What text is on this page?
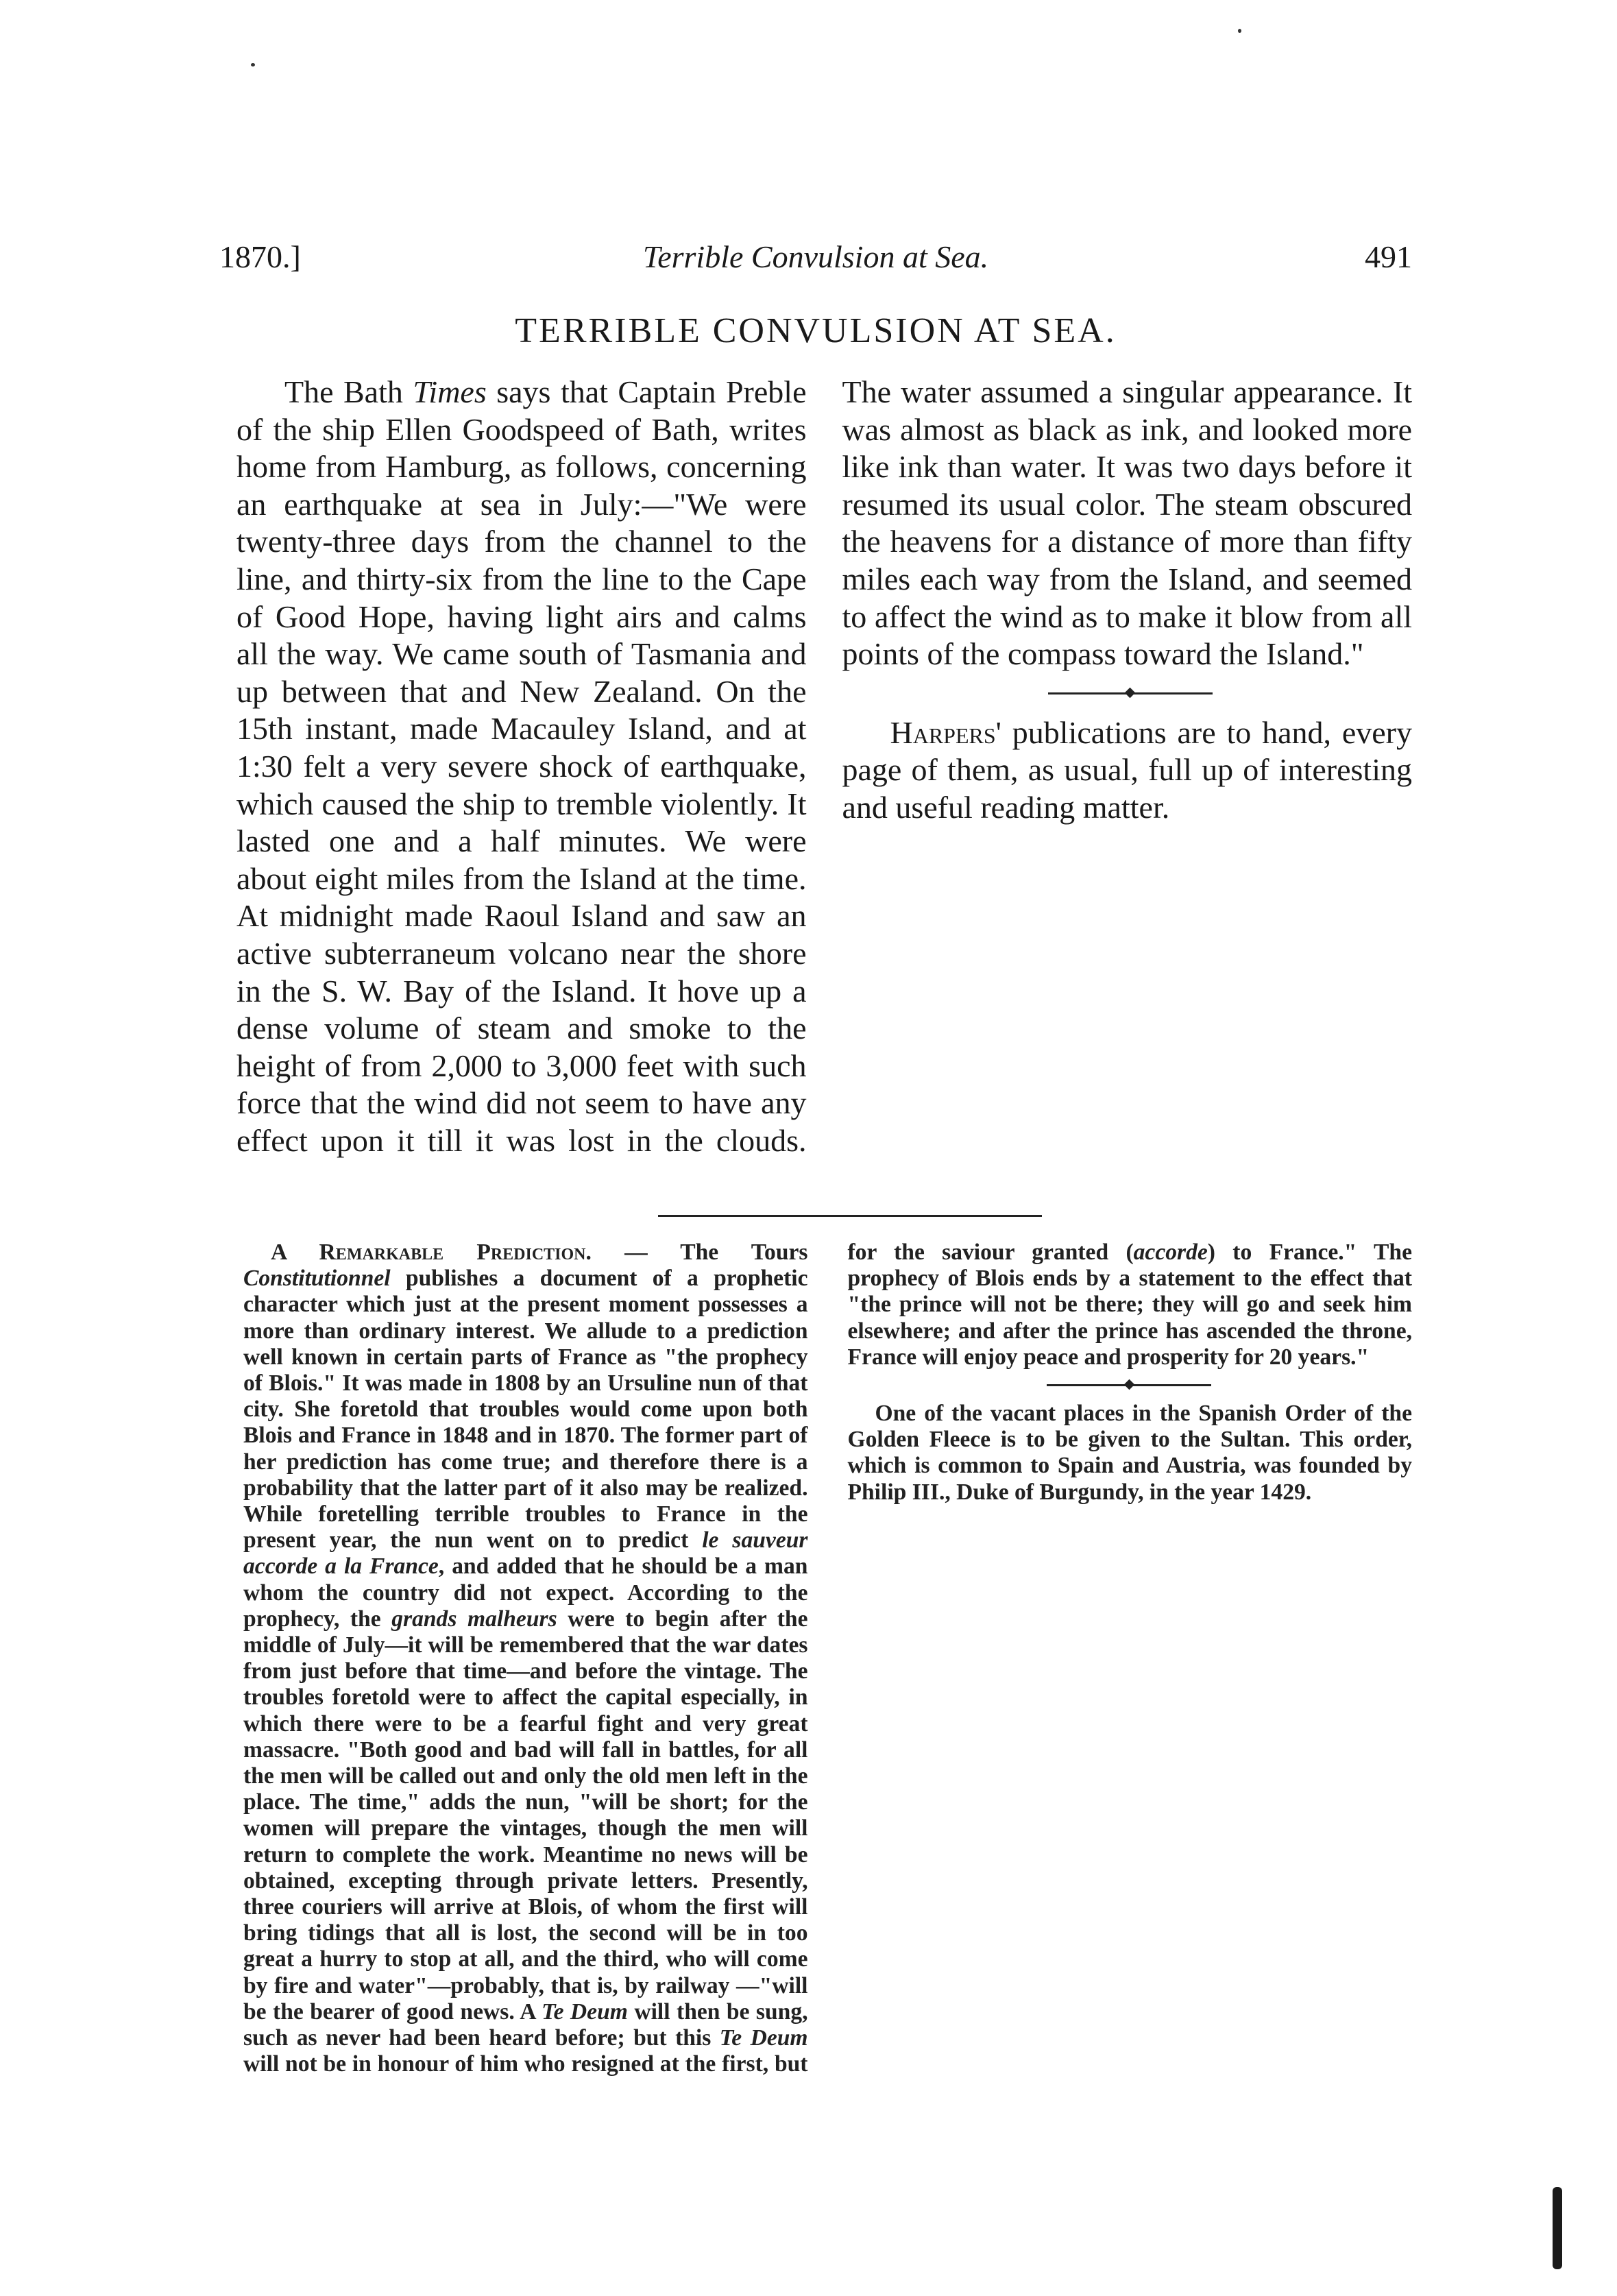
1870.]	Terrible Convulsion at Sea.	491
TERRIBLE CONVULSION AT SEA.

The Bath Times says that Captain Preble of the ship Ellen Goodspeed of Bath, writes home from Hamburg, as follows, concerning an earthquake at sea in July:—"We were twenty-three days from the channel to the line, and thirty-six from the line to the Cape of Good Hope, having light airs and calms all the way. We came south of Tasmania and up between that and New Zealand. On the 15th instant, made Macauley Island, and at 1:30 felt a very severe shock of earthquake, which caused the ship to tremble violently. It lasted one and a half minutes. We were about eight miles from the Island at the time. At midnight made Raoul Island and saw an active subterraneum volcano near the shore in the S. W. Bay of the Island. It hove up a dense volume of steam and smoke to the height of from 2,000 to 3,000 feet with such force that the wind did not seem to have any effect upon it till it was lost in the clouds. The water assumed a singular appearance. It was almost as black as ink, and looked more like ink than water. It was two days before it resumed its usual color. The steam obscured the heavens for a distance of more than fifty miles each way from the Island, and seemed to affect the wind as to make it blow from all points of the compass toward the Island."

Harpers' publications are to hand, every page of them, as usual, full up of interesting and useful reading matter.

A Remarkable Prediction. — The Tours Constitutionnel publishes a document of a prophetic character which just at the present moment possesses a more than ordinary interest. We allude to a prediction well known in certain parts of France as "the prophecy of Blois." It was made in 1808 by an Ursuline nun of that city. She foretold that troubles would come upon both Blois and France in 1848 and in 1870. The former part of her prediction has come true; and therefore there is a probability that the latter part of it also may be realized. While foretelling terrible troubles to France in the present year, the nun went on to predict le sauveur accorde a la France, and added that he should be a man whom the country did not expect. According to the prophecy, the grands malheurs were to begin after the middle of July—it will be remembered that the war dates from just before that time—and before the vintage. The troubles foretold were to affect the capital especially, in which there were to be a fearful fight and very great massacre. "Both good and bad will fall in battles, for all the men will be called out and only the old men left in the place. The time," adds the nun, "will be short; for the women will prepare the vintages, though the men will return to complete the work. Meantime no news will be obtained, excepting through private letters. Presently, three couriers will arrive at Blois, of whom the first will bring tidings that all is lost, the second will be in too great a hurry to stop at all, and the third, who will come by fire and water"—probably, that is, by railway —"will be the bearer of good news. A Te Deum will then be sung, such as never had been heard before; but this Te Deum will not be in honour of him who resigned at the first, but for the saviour granted (accorde) to France." The prophecy of Blois ends by a statement to the effect that "the prince will not be there; they will go and seek him elsewhere; and after the prince has ascended the throne, France will enjoy peace and prosperity for 20 years."

One of the vacant places in the Spanish Order of the Golden Fleece is to be given to the Sultan. This order, which is common to Spain and Austria, was founded by Philip III., Duke of Burgundy, in the year 1429.
